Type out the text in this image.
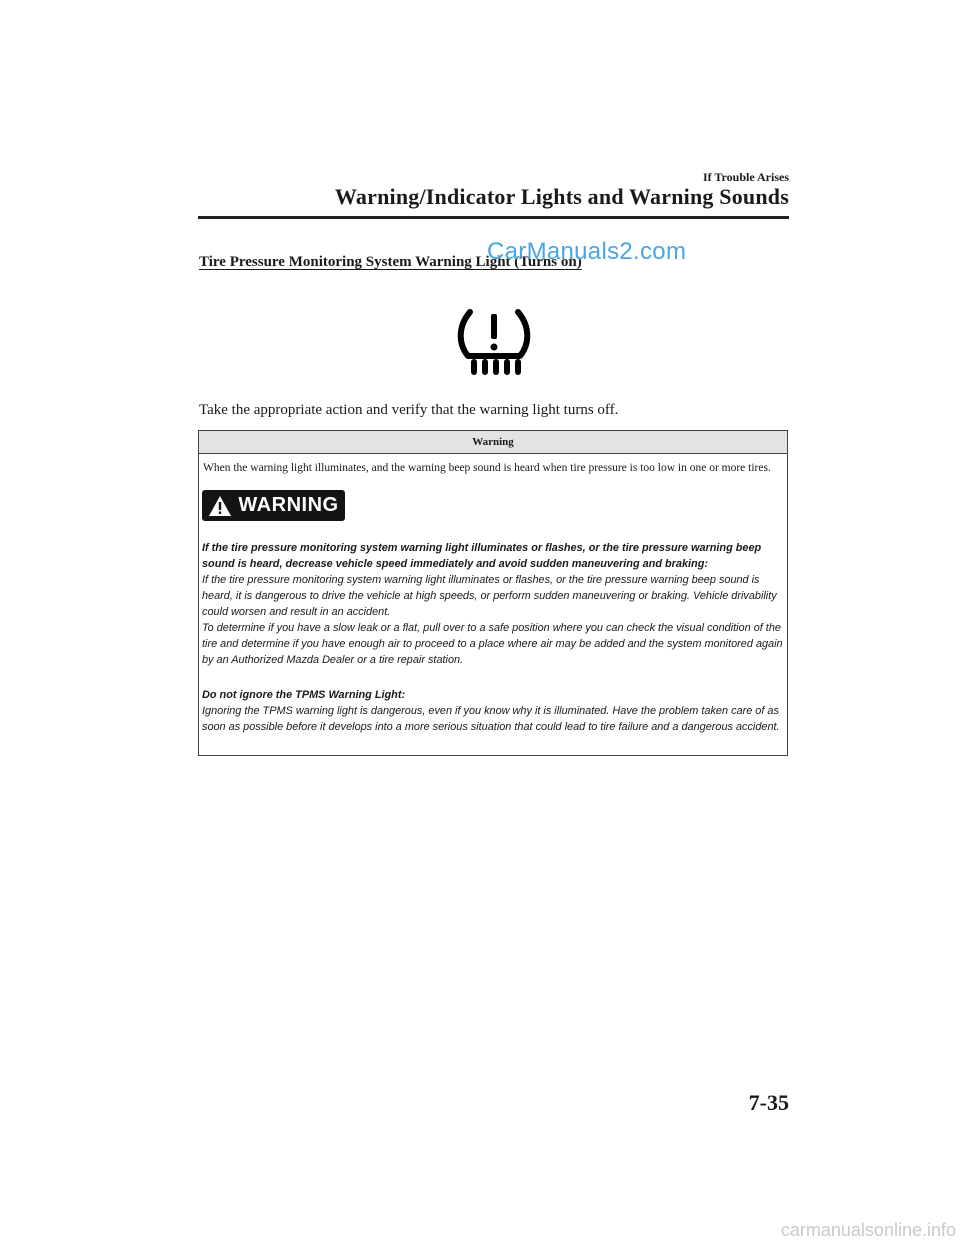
If Trouble Arises
Warning/Indicator Lights and Warning Sounds
Tire Pressure Monitoring System Warning Light (Turns on)
CarManuals2.com
Take the appropriate action and verify that the warning light turns off.
Warning
When the warning light illuminates, and the warning beep sound is heard when tire pressure is too low in one or more tires.
WARNING
If the tire pressure monitoring system warning light illuminates or flashes, or the tire pressure warning beep sound is heard, decrease vehicle speed immediately and avoid sudden maneuvering and braking:
If the tire pressure monitoring system warning light illuminates or flashes, or the tire pressure warning beep sound is heard, it is dangerous to drive the vehicle at high speeds, or perform sudden maneuvering or braking. Vehicle drivability could worsen and result in an accident.
To determine if you have a slow leak or a flat, pull over to a safe position where you can check the visual condition of the tire and determine if you have enough air to proceed to a place where air may be added and the system monitored again by an Authorized Mazda Dealer or a tire repair station.
Do not ignore the TPMS Warning Light:
Ignoring the TPMS warning light is dangerous, even if you know why it is illuminated. Have the problem taken care of as soon as possible before it develops into a more serious situation that could lead to tire failure and a dangerous accident.
7-35
carmanualsonline.info
